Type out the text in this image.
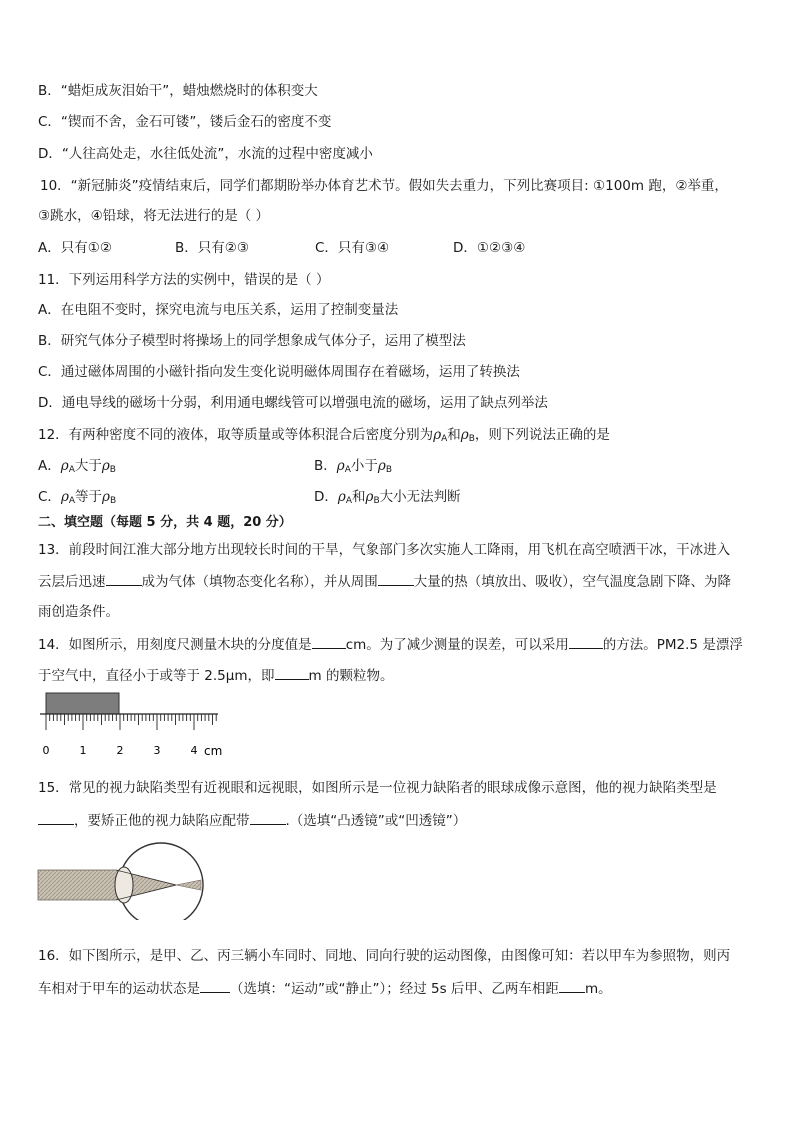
B．“蜡炬成灰泪始干”，蜡烛燃烧时的体积变大
C．“锲而不舍，金石可镂”，镂后金石的密度不变
D．“人往高处走，水往低处流”，水流的过程中密度减小
10．“新冠肺炎”疫情结束后，同学们都期盼举办体育艺术节。假如失去重力，下列比赛项目: ①100m 跑，②举重，
③跳水，④铅球，将无法进行的是（ ）
A．只有①②	B．只有②③	C．只有③④	D．①②③④
11．下列运用科学方法的实例中，错误的是（ ）
A．在电阻不变时，探究电流与电压关系，运用了控制变量法
B．研究气体分子模型时将操场上的同学想象成气体分子，运用了模型法
C．通过磁体周围的小磁针指向发生变化说明磁体周围存在着磁场，运用了转换法
D．通电导线的磁场十分弱，利用通电螺线管可以增强电流的磁场，运用了缺点列举法
12．有两种密度不同的液体，取等质量或等体积混合后密度分别为$\rho_A$和$\rho_B$，则下列说法正确的是
A．$\rho_A$大于$\rho_B$	B．$\rho_A$小于$\rho_B$
C．$\rho_A$等于$\rho_B$	D．$\rho_A$和$\rho_B$大小无法判断
二、填空题（每题 5 分，共 4 题，20 分）
13．前段时间江淮大部分地方出现较长时间的干旱，气象部门多次实施人工降雨，用飞机在高空喷洒干冰，干冰进入
云层后迅速	成为气体（填物态变化名称），并从周围	大量的热（填放出、吸收），空气温度急剧下降、为降
雨创造条件。
14．如图所示，用刻度尺测量木块的分度值是	cm。为了减少测量的误差，可以采用	的方法。PM2.5 是漂浮
于空气中，直径小于或等于 2.5μm，即	m 的颗粒物。
0	1	2	3	4 cm
15．常见的视力缺陷类型有近视眼和远视眼，如图所示是一位视力缺陷者的眼球成像示意图，他的视力缺陷类型是
，要矫正他的视力缺陷应配带	.（选填“凸透镜”或“凹透镜”）
16．如下图所示，是甲、乙、丙三辆小车同时、同地、同向行驶的运动图像，由图像可知：若以甲车为参照物，则丙
车相对于甲车的运动状态是 （选填：“运动”或“静止”）；经过 5s 后甲、乙两车相距 m。
